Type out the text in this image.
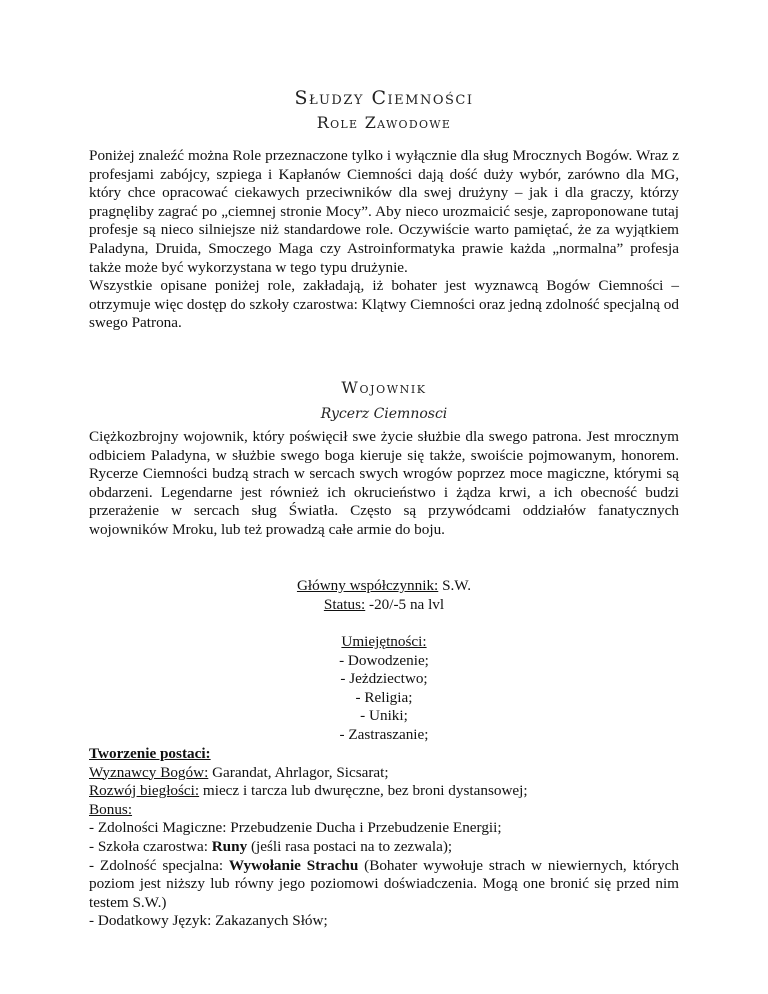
Słudzy Ciemności
Role Zawodowe

Poniżej znaleźć można Role przeznaczone tylko i wyłącznie dla sług Mrocznych Bogów. Wraz z profesjami zabójcy, szpiega i Kapłanów Ciemności dają dość duży wybór, zarówno dla MG, który chce opracować ciekawych przeciwników dla swej drużyny – jak i dla graczy, którzy pragnęliby zagrać po „ciemnej stronie Mocy”. Aby nieco urozmaicić sesje, zaproponowane tutaj profesje są nieco silniejsze niż standardowe role. Oczywiście warto pamiętać, że za wyjątkiem Paladyna, Druida, Smoczego Maga czy Astroinformatyka prawie każda „normalna” profesja także może być wykorzystana w tego typu drużynie.

Wszystkie opisane poniżej role, zakładają, iż bohater jest wyznawcą Bogów Ciemności – otrzymuje więc dostęp do szkoły czarostwa: Klątwy Ciemności oraz jedną zdolność specjalną od swego Patrona.

Wojownik
Rycerz Ciemnosci
Ciężkozbrojny wojownik, który poświęcił swe życie służbie dla swego patrona. Jest mrocznym odbiciem Paladyna, w służbie swego boga kieruje się także, swoiście pojmowanym, honorem. Rycerze Ciemności budzą strach w sercach swych wrogów poprzez moce magiczne, którymi są obdarzeni. Legendarne jest również ich okrucieństwo i żądza krwi, a ich obecność budzi przerażenie w sercach sług Światła. Często są przywódcami oddziałów fanatycznych wojowników Mroku, lub też prowadzą całe armie do boju.
Główny współczynnik: S.W.
Status: -20/-5 na lvl
Umiejętności:
- Dowodzenie;
- Jeżdziectwo;
- Religia;
- Uniki;
- Zastraszanie;
Tworzenie postaci:
Wyznawcy Bogów: Garandat, Ahrlagor, Sicsarat;
Rozwój biegłości: miecz i tarcza lub dwuręczne, bez broni dystansowej;
Bonus:
- Zdolności Magiczne: Przebudzenie Ducha i Przebudzenie Energii;
- Szkoła czarostwa: Runy (jeśli rasa postaci na to zezwala);
- Zdolność specjalna: Wywołanie Strachu (Bohater wywołuje strach w niewiernych, których poziom jest niższy lub równy jego poziomowi doświadczenia. Mogą one bronić się przed nim testem S.W.)
- Dodatkowy Język: Zakazanych Słów;
